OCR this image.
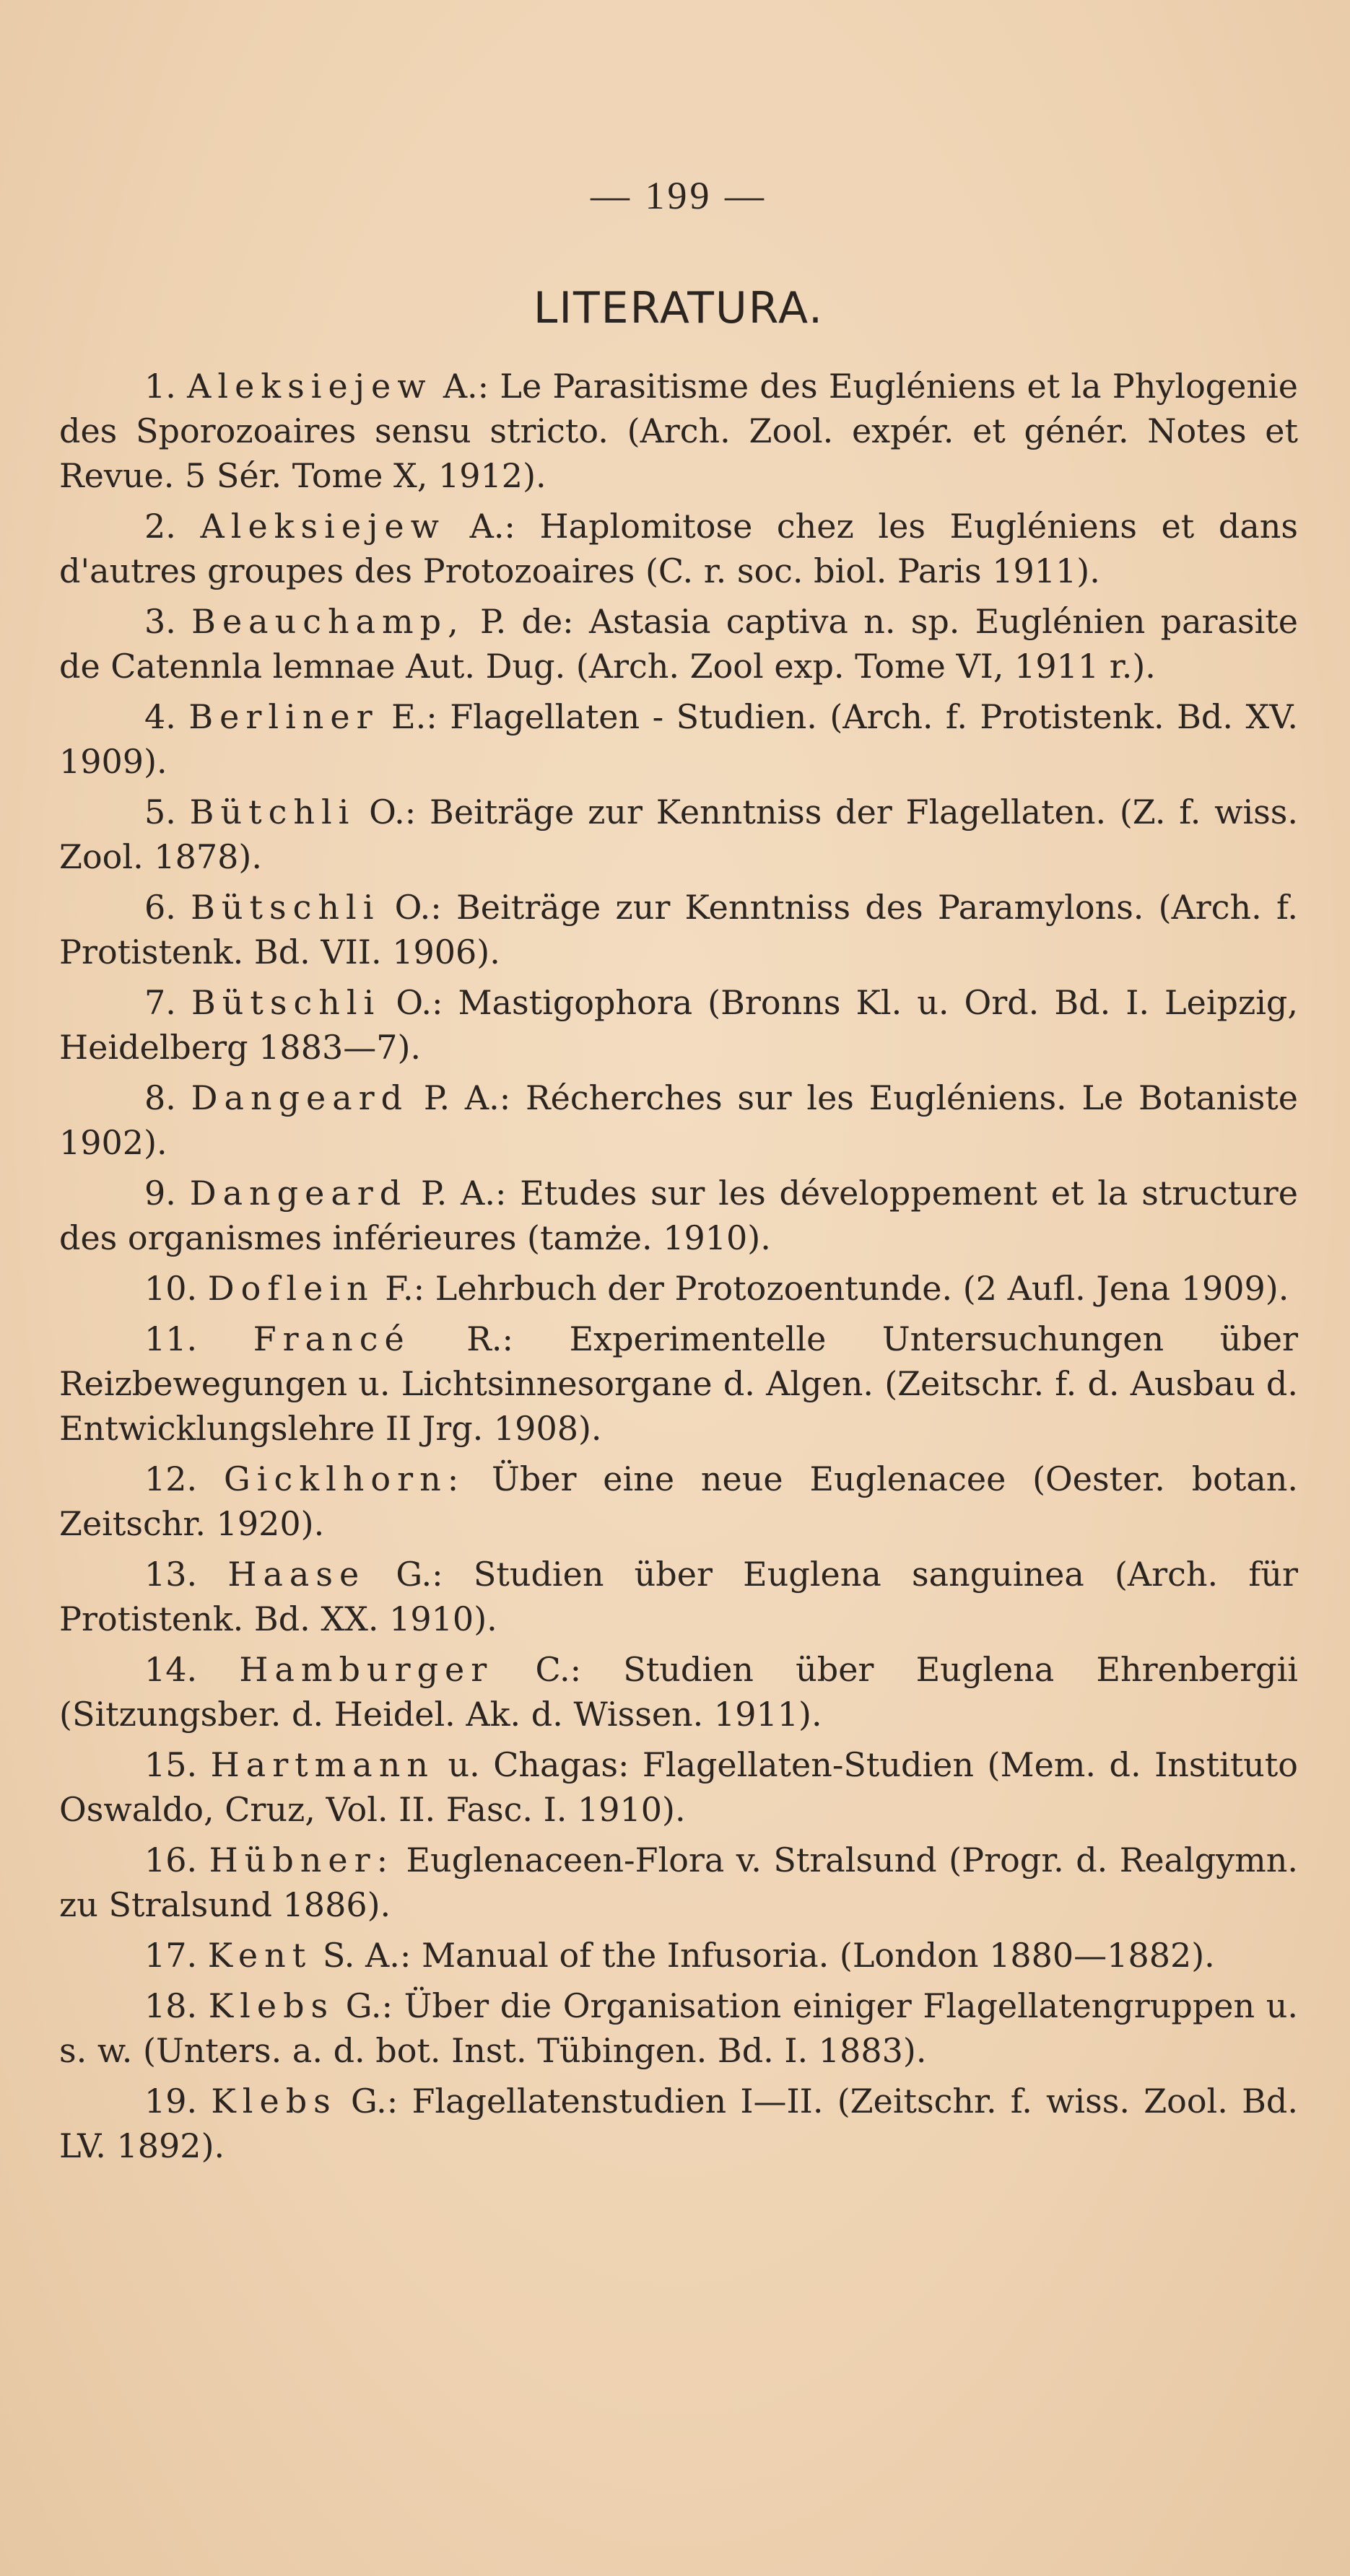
— 199 —
LITERATURA.

1. Aleksiejew A.: Le Parasitisme des Eugléniens et la Phylogenie des Sporozoaires sensu stricto. (Arch. Zool. expér. et génér. Notes et Revue. 5 Sér. Tome X, 1912).

2. Aleksiejew A.: Haplomitose chez les Eugléniens et dans d'autres groupes des Protozoaires (C. r. soc. biol. Paris 1911).

3. Beauchamp, P. de: Astasia captiva n. sp. Euglénien parasite de Catennla lemnae Aut. Dug. (Arch. Zool exp. Tome VI, 1911 r.).

4. Berliner E.: Flagellaten - Studien. (Arch. f. Protistenk. Bd. XV. 1909).

5. Bütchli O.: Beiträge zur Kenntniss der Flagellaten. (Z. f. wiss. Zool. 1878).

6. Bütschli O.: Beiträge zur Kenntniss des Paramylons. (Arch. f. Protistenk. Bd. VII. 1906).

7. Bütschli O.: Mastigophora (Bronns Kl. u. Ord. Bd. I. Leipzig, Heidelberg 1883—7).

8. Dangeard P. A.: Récherches sur les Eugléniens. Le Botaniste 1902).

9. Dangeard P. A.: Etudes sur les développement et la structure des organismes inférieures (tamże. 1910).

10. Doflein F.: Lehrbuch der Protozoentunde. (2 Aufl. Jena 1909).

11. Francé R.: Experimentelle Untersuchungen über Reizbewegungen u. Lichtsinnesorgane d. Algen. (Zeitschr. f. d. Ausbau d. Entwicklungslehre II Jrg. 1908).

12. Gicklhorn: Über eine neue Euglenacee (Oester. botan. Zeitschr. 1920).

13. Haase G.: Studien über Euglena sanguinea (Arch. für Protistenk. Bd. XX. 1910).

14. Hamburger C.: Studien über Euglena Ehrenbergii (Sitzungsber. d. Heidel. Ak. d. Wissen. 1911).

15. Hartmann u. Chagas: Flagellaten-Studien (Mem. d. Instituto Oswaldo, Cruz, Vol. II. Fasc. I. 1910).

16. Hübner: Euglenaceen-Flora v. Stralsund (Progr. d. Realgymn. zu Stralsund 1886).

17. Kent S. A.: Manual of the Infusoria. (London 1880—1882).

18. Klebs G.: Über die Organisation einiger Flagellatengruppen u. s. w. (Unters. a. d. bot. Inst. Tübingen. Bd. I. 1883).

19. Klebs G.: Flagellatenstudien I—II. (Zeitschr. f. wiss. Zool. Bd. LV. 1892).
